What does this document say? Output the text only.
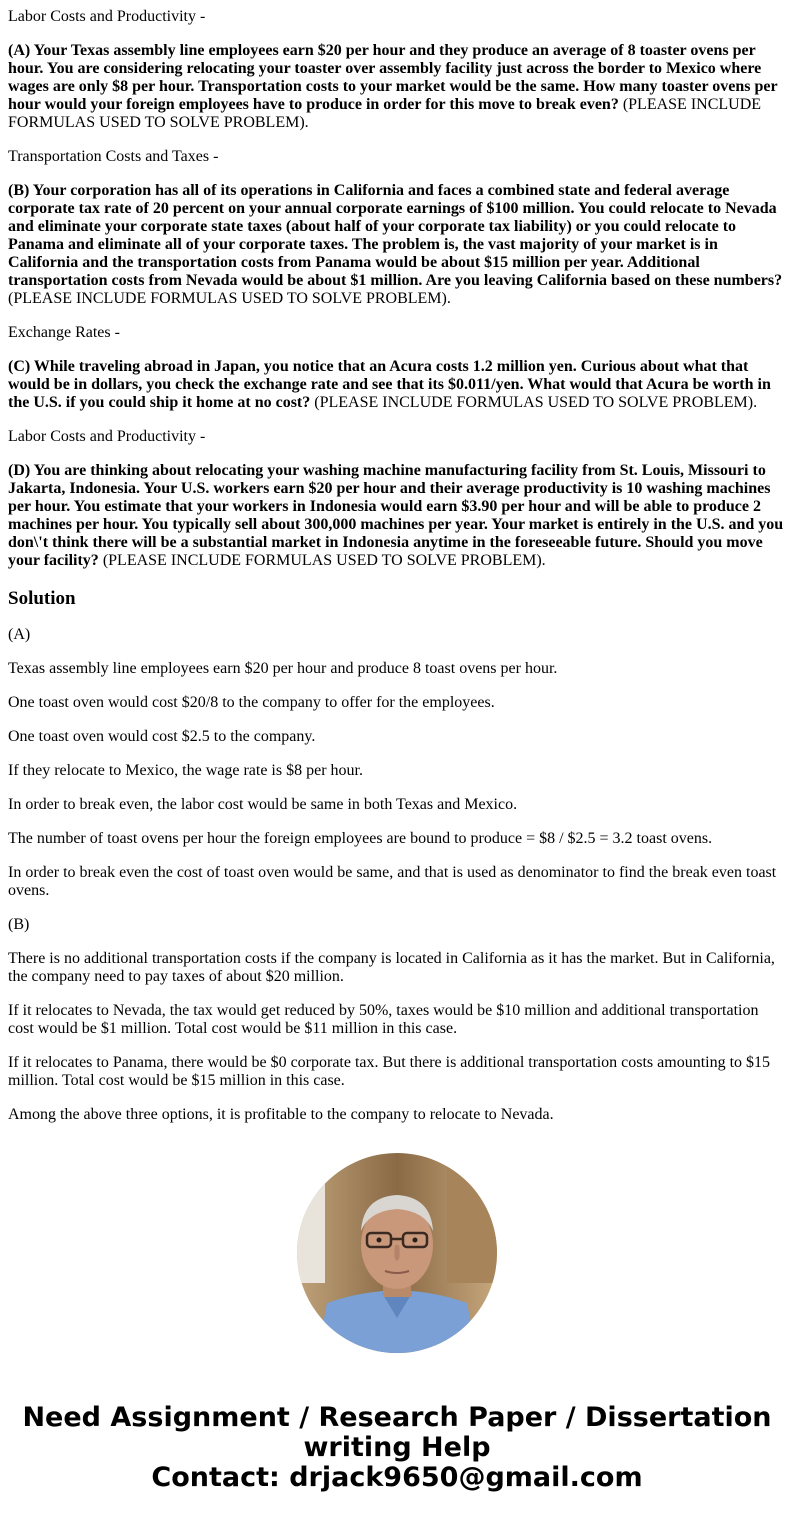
Labor Costs and Productivity -

(A) Your Texas assembly line employees earn $20 per hour and they produce an average of 8 toaster ovens per hour. You are considering relocating your toaster over assembly facility just across the border to Mexico where wages are only $8 per hour. Transportation costs to your market would be the same. How many toaster ovens per hour would your foreign employees have to produce in order for this move to break even? (PLEASE INCLUDE FORMULAS USED TO SOLVE PROBLEM).

Transportation Costs and Taxes -

(B) Your corporation has all of its operations in California and faces a combined state and federal average corporate tax rate of 20 percent on your annual corporate earnings of $100 million. You could relocate to Nevada and eliminate your corporate state taxes (about half of your corporate tax liability) or you could relocate to Panama and eliminate all of your corporate taxes. The problem is, the vast majority of your market is in California and the transportation costs from Panama would be about $15 million per year. Additional transportation costs from Nevada would be about $1 million. Are you leaving California based on these numbers? (PLEASE INCLUDE FORMULAS USED TO SOLVE PROBLEM).

Exchange Rates -

(C) While traveling abroad in Japan, you notice that an Acura costs 1.2 million yen. Curious about what that would be in dollars, you check the exchange rate and see that its $0.011/yen. What would that Acura be worth in the U.S. if you could ship it home at no cost? (PLEASE INCLUDE FORMULAS USED TO SOLVE PROBLEM).

Labor Costs and Productivity -

(D) You are thinking about relocating your washing machine manufacturing facility from St. Louis, Missouri to Jakarta, Indonesia. Your U.S. workers earn $20 per hour and their average productivity is 10 washing machines per hour. You estimate that your workers in Indonesia would earn $3.90 per hour and will be able to produce 2 machines per hour. You typically sell about 300,000 machines per year. Your market is entirely in the U.S. and you don\'t think there will be a substantial market in Indonesia anytime in the foreseeable future. Should you move your facility? (PLEASE INCLUDE FORMULAS USED TO SOLVE PROBLEM).

Solution

(A)

Texas assembly line employees earn $20 per hour and produce 8 toast ovens per hour.

One toast oven would cost $20/8 to the company to offer for the employees.

One toast oven would cost $2.5 to the company.

If they relocate to Mexico, the wage rate is $8 per hour.

In order to break even, the labor cost would be same in both Texas and Mexico.

The number of toast ovens per hour the foreign employees are bound to produce = $8 / $2.5 = 3.2 toast ovens.

In order to break even the cost of toast oven would be same, and that is used as denominator to find the break even toast ovens.

(B)

There is no additional transportation costs if the company is located in California as it has the market. But in California, the company need to pay taxes of about $20 million.

If it relocates to Nevada, the tax would get reduced by 50%, taxes would be $10 million and additional transportation cost would be $1 million. Total cost would be $11 million in this case.

If it relocates to Panama, there would be $0 corporate tax. But there is additional transportation costs amounting to $15 million. Total cost would be $15 million in this case.

Among the above three options, it is profitable to the company to relocate to Nevada.

Need Assignment / Research Paper / Dissertation
writing Help
Contact: drjack9650@gmail.com
